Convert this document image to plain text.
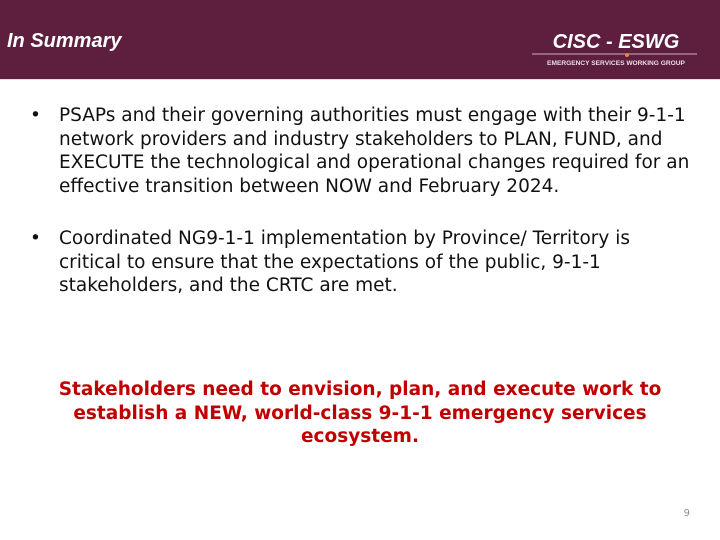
In Summary	CISC - ESWG
EMERGENCY SERVICES WORKING GROUP
• PSAPs and their governing authorities must engage with their 9-1-1 network providers and industry stakeholders to PLAN, FUND, and EXECUTE the technological and operational changes required for an effective transition between NOW and February 2024.
• Coordinated NG9-1-1 implementation by Province/ Territory is critical to ensure that the expectations of the public, 9-1-1 stakeholders, and the CRTC are met.
Stakeholders need to envision, plan, and execute work to establish a NEW, world-class 9-1-1 emergency services ecosystem.
9
